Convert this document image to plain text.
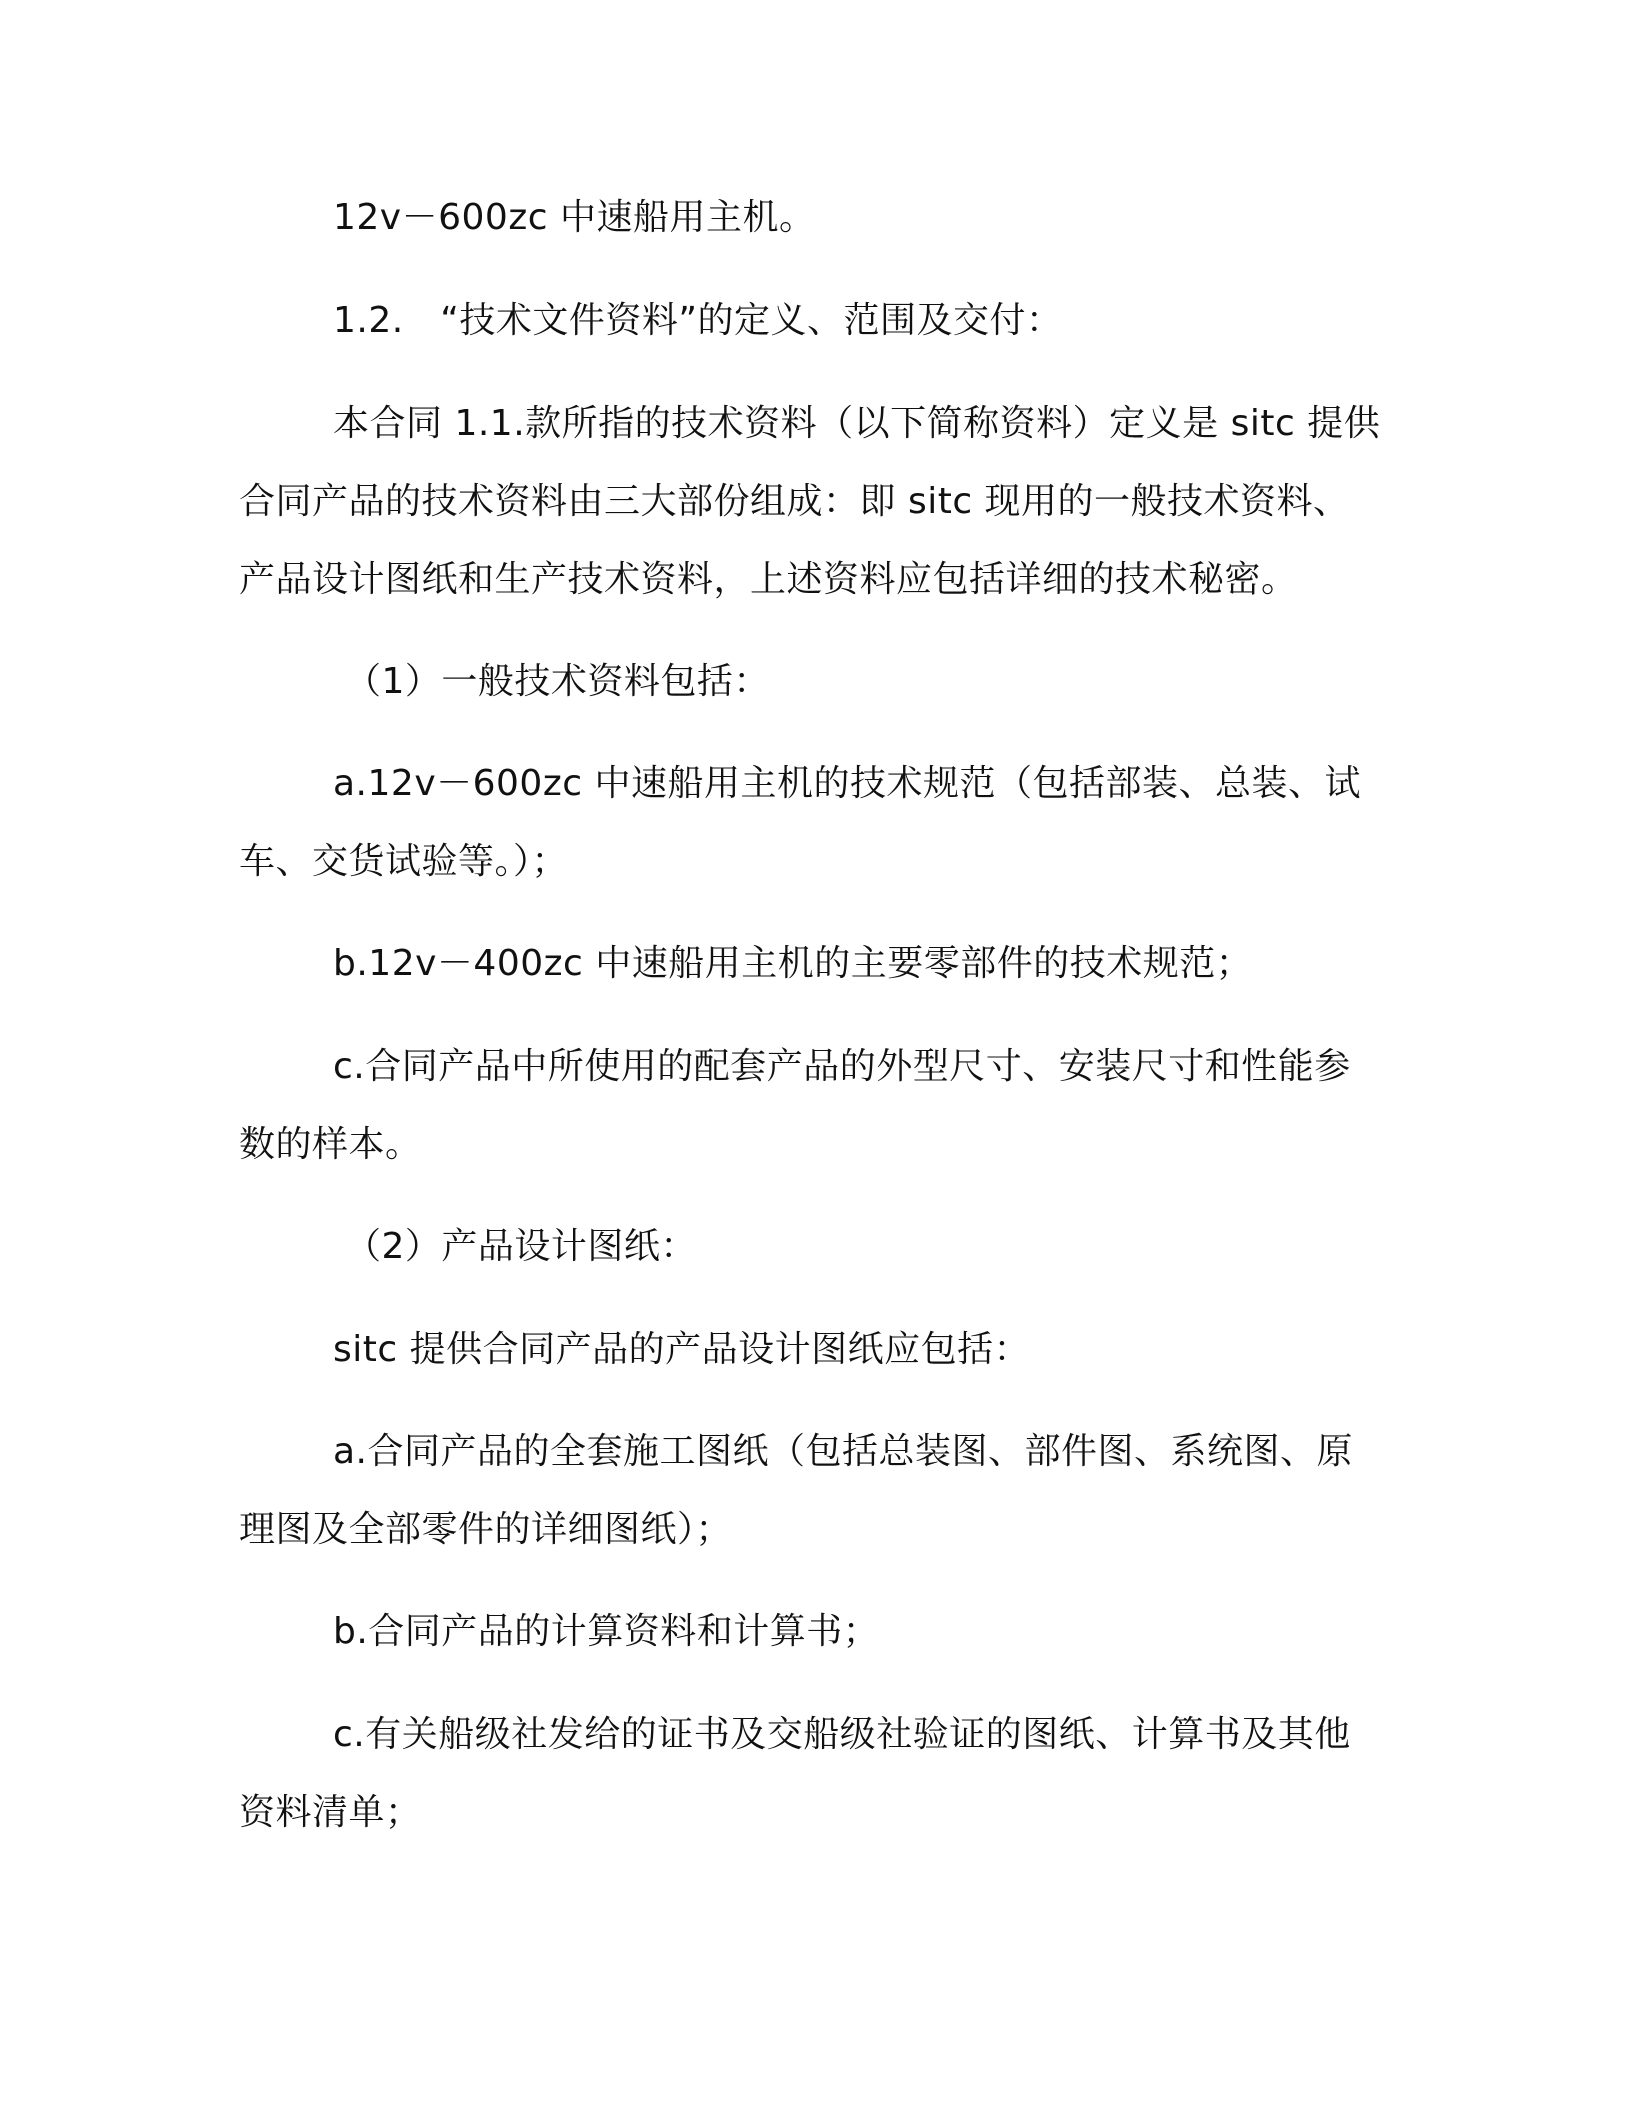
12v－600zc 中速船用主机。

1.2.　“技术文件资料”的定义、范围及交付：

本合同 1.1.款所指的技术资料（以下简称资料）定义是 sitc 提供

合同产品的技术资料由三大部份组成：即 sitc 现用的一般技术资料、

产品设计图纸和生产技术资料，上述资料应包括详细的技术秘密。

（1）一般技术资料包括：

a.12v－600zc 中速船用主机的技术规范（包括部装、总装、试

车、交货试验等。）；

b.12v－400zc 中速船用主机的主要零部件的技术规范；

c.合同产品中所使用的配套产品的外型尺寸、安装尺寸和性能参

数的样本。

（2）产品设计图纸：

sitc 提供合同产品的产品设计图纸应包括：

a.合同产品的全套施工图纸（包括总装图、部件图、系统图、原

理图及全部零件的详细图纸）；

b.合同产品的计算资料和计算书；

c.有关船级社发给的证书及交船级社验证的图纸、计算书及其他

资料清单；
